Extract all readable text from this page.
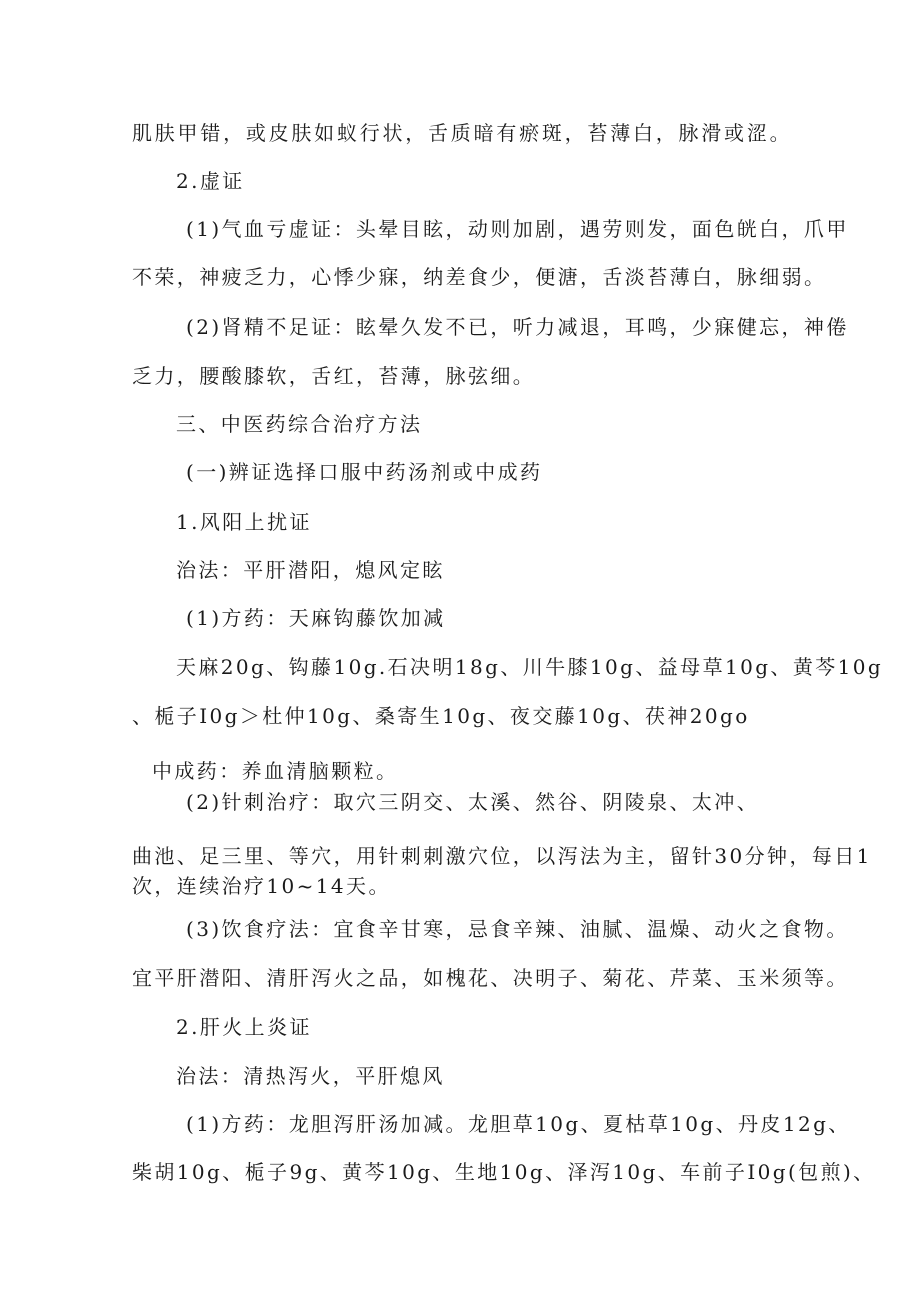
肌肤甲错，或皮肤如蚁行状，舌质暗有瘀斑，苔薄白，脉滑或涩。
2.虚证
(1)气血亏虚证：头晕目眩，动则加剧，遇劳则发，面色㿠白，爪甲
不荣，神疲乏力，心悸少寐，纳差食少，便溏，舌淡苔薄白，脉细弱。
(2)肾精不足证：眩晕久发不已，听力减退，耳鸣，少寐健忘，神倦
乏力，腰酸膝软，舌红，苔薄，脉弦细。
三、中医药综合治疗方法
(一)辨证选择口服中药汤剂或中成药
1.风阳上扰证
治法：平肝潜阳，熄风定眩
(1)方药：天麻钩藤饮加减
天麻20g、钩藤10g.石决明18g、川牛膝10g、益母草10g、黄芩10g
、栀子I0g＞杜仲10g、桑寄生10g、夜交藤10g、茯神20go
中成药：养血清脑颗粒。
(2)针刺治疗：取穴三阴交、太溪、然谷、阴陵泉、太冲、
曲池、足三里、等穴，用针刺刺激穴位，以泻法为主，留针30分钟，每日1
次，连续治疗10~14天。
(3)饮食疗法：宜食辛甘寒，忌食辛辣、油腻、温燥、动火之食物。
宜平肝潜阳、清肝泻火之品，如槐花、决明子、菊花、芹菜、玉米须等。
2.肝火上炎证
治法：清热泻火，平肝熄风
(1)方药：龙胆泻肝汤加减。龙胆草10g、夏枯草10g、丹皮12g、
柴胡10g、栀子9g、黄芩10g、生地10g、泽泻10g、车前子I0g(包煎)、
